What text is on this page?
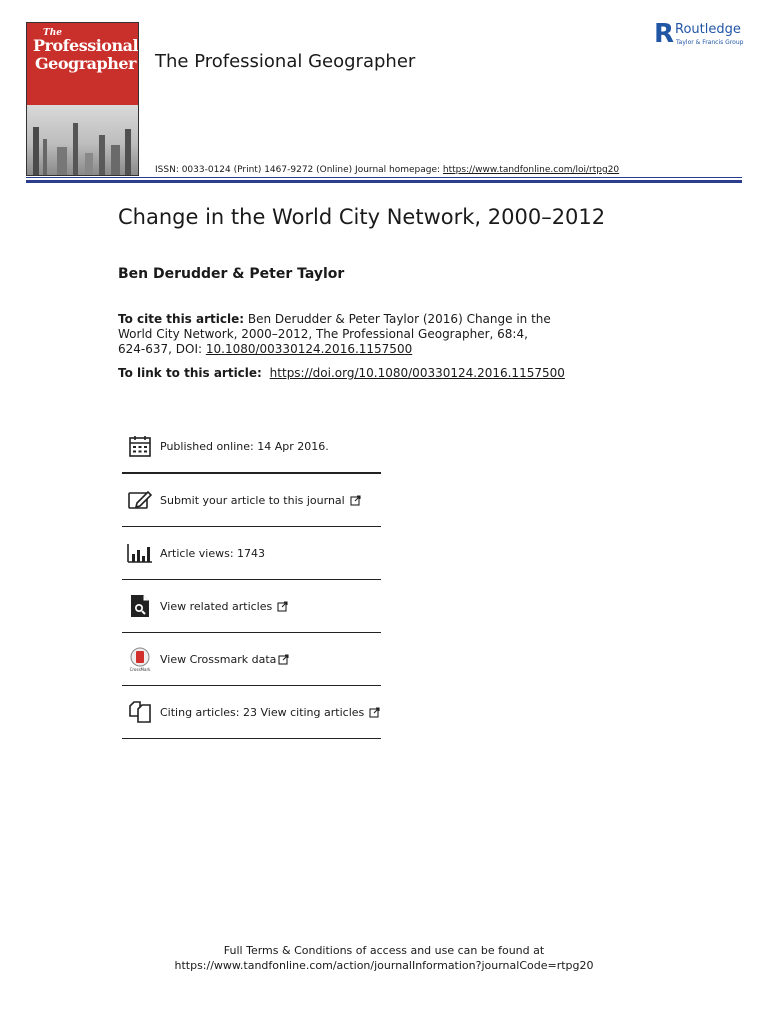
The
Professional
Geographer The Professional Geographer
ISSN: 0033-0124 (Print) 1467-9272 (Online) Journal homepage: https://www.tandfonline.com/loi/rtpg20
R Routledge
Taylor & Francis Group
Change in the World City Network, 2000–2012
Ben Derudder & Peter Taylor
To cite this article: Ben Derudder & Peter Taylor (2016) Change in the World City Network, 2000–2012, The Professional Geographer, 68:4, 624-637, DOI: 10.1080/00330124.2016.1157500
To link to this article: https://doi.org/10.1080/00330124.2016.1157500
Published online: 14 Apr 2016.
Submit your article to this journal
Article views: 1743
View related articles
CrossMark
View Crossmark data
Citing articles: 23 View citing articles
Full Terms & Conditions of access and use can be found at
https://www.tandfonline.com/action/journalInformation?journalCode=rtpg20
